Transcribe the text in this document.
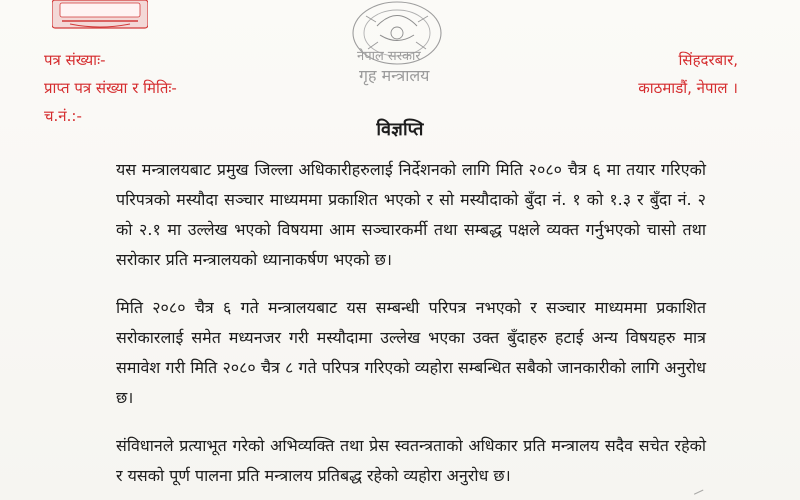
नेपाल सरकार
गृह मन्त्रालय
पत्र संख्याः-
प्राप्त पत्र संख्या र मितिः-
च.नं.:-
सिंहदरबार,
काठमाडौं, नेपाल ।
विज्ञप्ति

यस मन्त्रालयबाट प्रमुख जिल्ला अधिकारीहरुलाई निर्देशनको लागि मिति २०८० चैत्र ६ मा तयार गरिएको परिपत्रको मस्यौदा सञ्चार माध्यममा प्रकाशित भएको र सो मस्यौदाको बुँदा नं. १ को १.३ र बुँदा नं. २ को २.१ मा उल्लेख भएको विषयमा आम सञ्चारकर्मी तथा सम्बद्ध पक्षले व्यक्त गर्नुभएको चासो तथा सरोकार प्रति मन्त्रालयको ध्यानाकर्षण भएको छ।

मिति २०८० चैत्र ६ गते मन्त्रालयबाट यस सम्बन्धी परिपत्र नभएको र सञ्चार माध्यममा प्रकाशित सरोकारलाई समेत मध्यनजर गरी मस्यौदामा उल्लेख भएका उक्त बुँदाहरु हटाई अन्य विषयहरु मात्र समावेश गरी मिति २०८० चैत्र ८ गते परिपत्र गरिएको व्यहोरा सम्बन्धित सबैको जानकारीको लागि अनुरोध छ।

संविधानले प्रत्याभूत गरेको अभिव्यक्ति तथा प्रेस स्वतन्त्रताको अधिकार प्रति मन्त्रालय सदैव सचेत रहेको र यसको पूर्ण पालना प्रति मन्त्रालय प्रतिबद्ध रहेको व्यहोरा अनुरोध छ।
